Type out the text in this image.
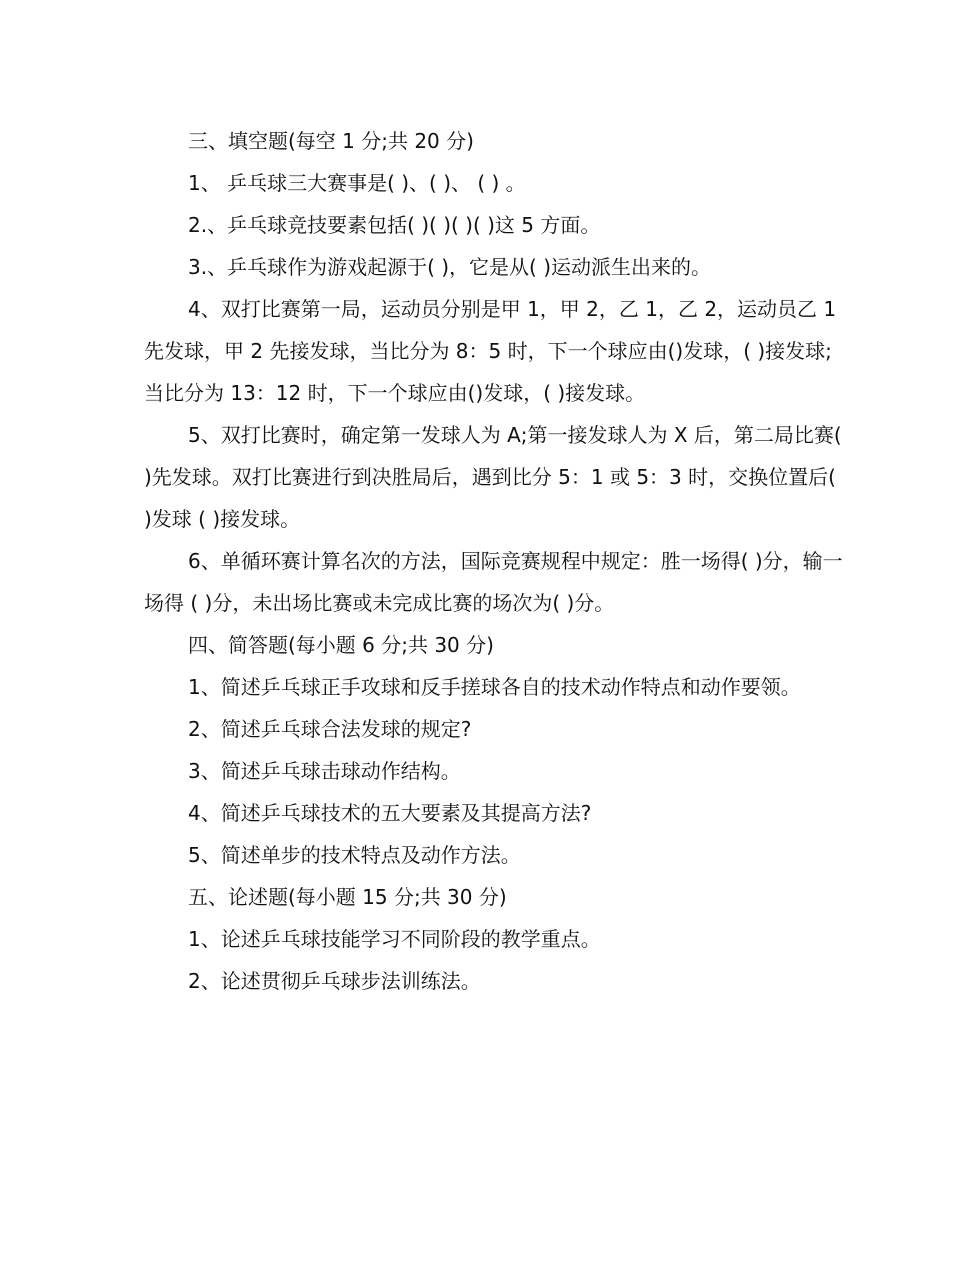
三、填空题(每空 1 分;共 20 分)

1、 乒乓球三大赛事是( )、( )、 ( ) 。

2.、乒乓球竞技要素包括( )( )( )( )这 5 方面。

3.、乒乓球作为游戏起源于( )，它是从( )运动派生出来的。

4、双打比赛第一局，运动员分别是甲 1，甲 2，乙 1，乙 2，运动员乙 1 先发球，甲 2 先接发球，当比分为 8：5 时，下一个球应由()发球，( )接发球;当比分为 13：12 时，下一个球应由()发球，( )接发球。

5、双打比赛时，确定第一发球人为 A;第一接发球人为 X 后，第二局比赛( )先发球。双打比赛进行到决胜局后，遇到比分 5：1 或 5：3 时，交换位置后( )发球 ( )接发球。

6、单循环赛计算名次的方法，国际竞赛规程中规定：胜一场得( )分，输一场得 ( )分，未出场比赛或未完成比赛的场次为( )分。

四、简答题(每小题 6 分;共 30 分)

1、简述乒乓球正手攻球和反手搓球各自的技术动作特点和动作要领。

2、简述乒乓球合法发球的规定?

3、简述乒乓球击球动作结构。

4、简述乒乓球技术的五大要素及其提高方法?

5、简述单步的技术特点及动作方法。

五、论述题(每小题 15 分;共 30 分)

1、论述乒乓球技能学习不同阶段的教学重点。

2、论述贯彻乒乓球步法训练法。
